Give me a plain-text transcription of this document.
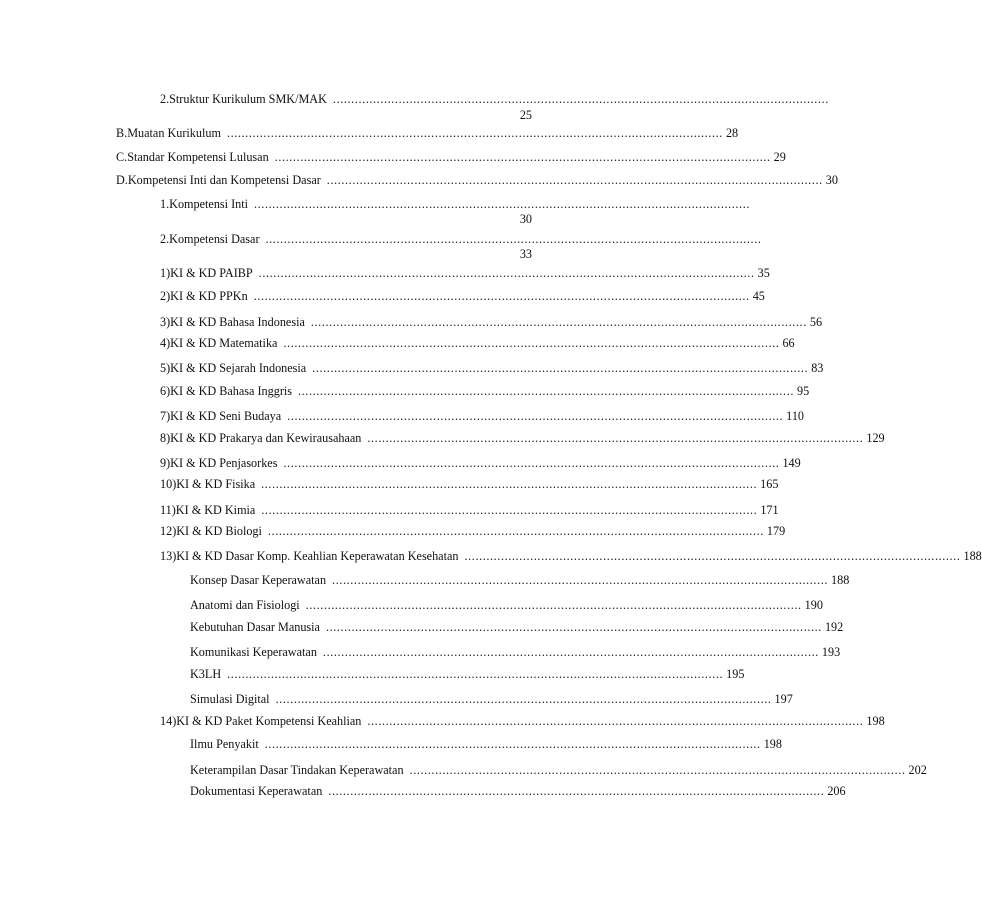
2. Struktur Kurikulum SMK/MAK ........................................................................................................................................
25
B. Muatan Kurikulum ........................................................................................................................................ 28
C. Standar Kompetensi Lulusan ........................................................................................................................................ 29
D. Kompetensi Inti dan Kompetensi Dasar ........................................................................................................................................ 30
1. Kompetensi Inti ........................................................................................................................................
30
2. Kompetensi Dasar ........................................................................................................................................
33
1) KI & KD PAIBP ........................................................................................................................................ 35
2) KI & KD PPKn ........................................................................................................................................ 45
3) KI & KD Bahasa Indonesia ........................................................................................................................................ 56
4) KI & KD Matematika ........................................................................................................................................ 66
5) KI & KD Sejarah Indonesia ........................................................................................................................................ 83
6) KI & KD Bahasa Inggris ........................................................................................................................................ 95
7) KI & KD Seni Budaya ........................................................................................................................................ 110
8) KI & KD Prakarya dan Kewirausahaan ........................................................................................................................................ 129
9) KI & KD Penjasorkes ........................................................................................................................................ 149
10) KI & KD Fisika ........................................................................................................................................ 165
11) KI & KD Kimia ........................................................................................................................................ 171
12) KI & KD Biologi ........................................................................................................................................ 179
13) KI & KD Dasar Komp. Keahlian Keperawatan Kesehatan ........................................................................................................................................ 188
Konsep Dasar Keperawatan ........................................................................................................................................ 188
Anatomi dan Fisiologi ........................................................................................................................................ 190
Kebutuhan Dasar Manusia ........................................................................................................................................ 192
Komunikasi Keperawatan ........................................................................................................................................ 193
K3LH ........................................................................................................................................ 195
Simulasi Digital ........................................................................................................................................ 197
14) KI & KD Paket Kompetensi Keahlian ........................................................................................................................................ 198
Ilmu Penyakit ........................................................................................................................................ 198
Keterampilan Dasar Tindakan Keperawatan ........................................................................................................................................ 202
Dokumentasi Keperawatan ........................................................................................................................................ 206
